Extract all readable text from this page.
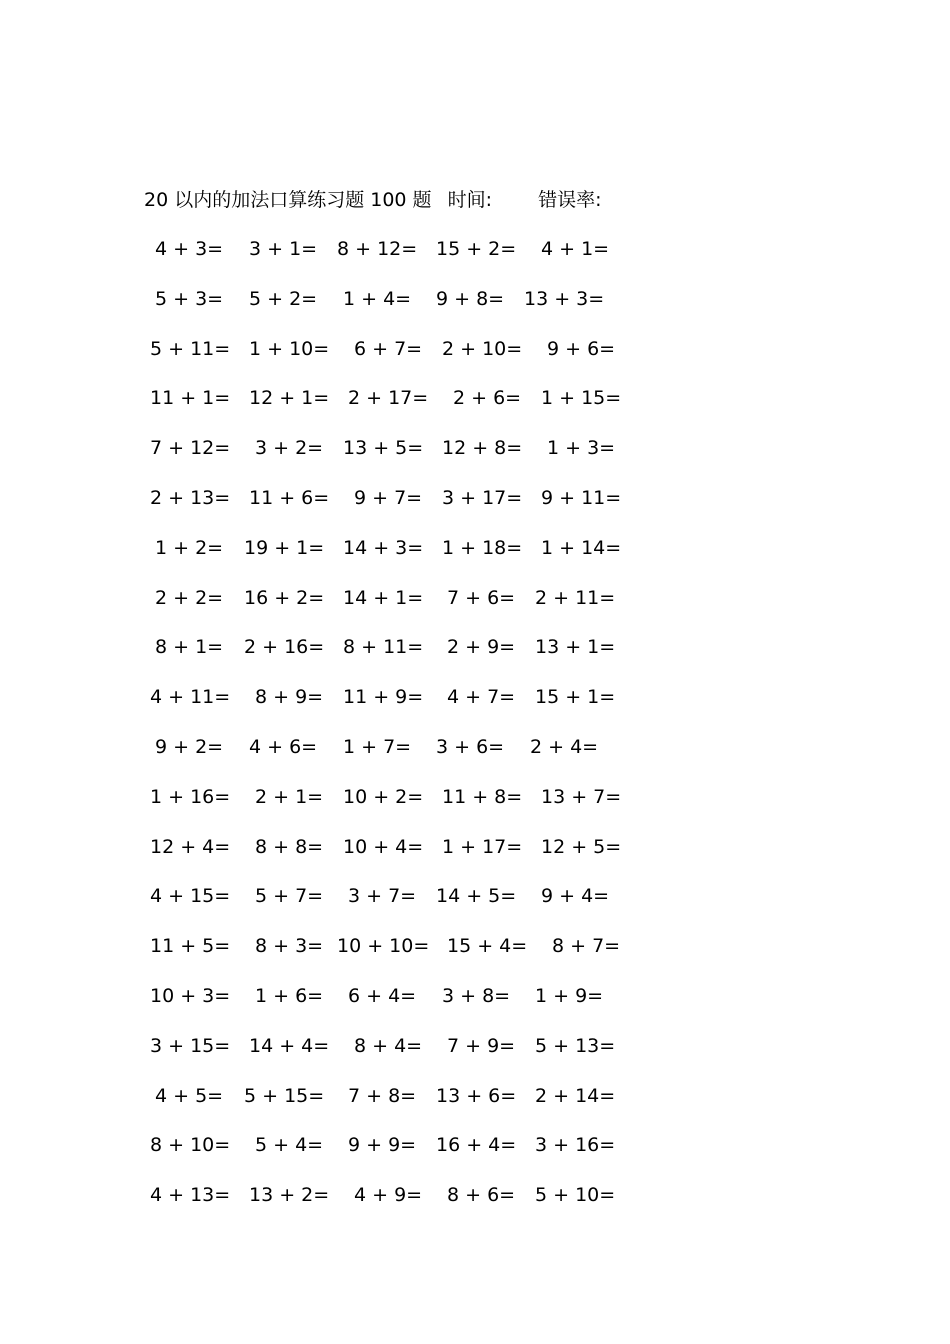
20 以内的加法口算练习题 100 题 时间: 错误率:
4 + 3= 3 + 1= 8 + 12= 15 + 2= 4 + 1=
5 + 3= 5 + 2= 1 + 4= 9 + 8= 13 + 3=
5 + 11= 1 + 10= 6 + 7= 2 + 10= 9 + 6=
11 + 1= 12 + 1= 2 + 17= 2 + 6= 1 + 15=
7 + 12= 3 + 2= 13 + 5= 12 + 8= 1 + 3=
2 + 13= 11 + 6= 9 + 7= 3 + 17= 9 + 11=
1 + 2= 19 + 1= 14 + 3= 1 + 18= 1 + 14=
2 + 2= 16 + 2= 14 + 1= 7 + 6= 2 + 11=
8 + 1= 2 + 16= 8 + 11= 2 + 9= 13 + 1=
4 + 11= 8 + 9= 11 + 9= 4 + 7= 15 + 1=
9 + 2= 4 + 6= 1 + 7= 3 + 6= 2 + 4=
1 + 16= 2 + 1= 10 + 2= 11 + 8= 13 + 7=
12 + 4= 8 + 8= 10 + 4= 1 + 17= 12 + 5=
4 + 15= 5 + 7= 3 + 7= 14 + 5= 9 + 4=
11 + 5= 8 + 3= 10 + 10= 15 + 4= 8 + 7=
10 + 3= 1 + 6= 6 + 4= 3 + 8= 1 + 9=
3 + 15= 14 + 4= 8 + 4= 7 + 9= 5 + 13=
4 + 5= 5 + 15= 7 + 8= 13 + 6= 2 + 14=
8 + 10= 5 + 4= 9 + 9= 16 + 4= 3 + 16=
4 + 13= 13 + 2= 4 + 9= 8 + 6= 5 + 10=
